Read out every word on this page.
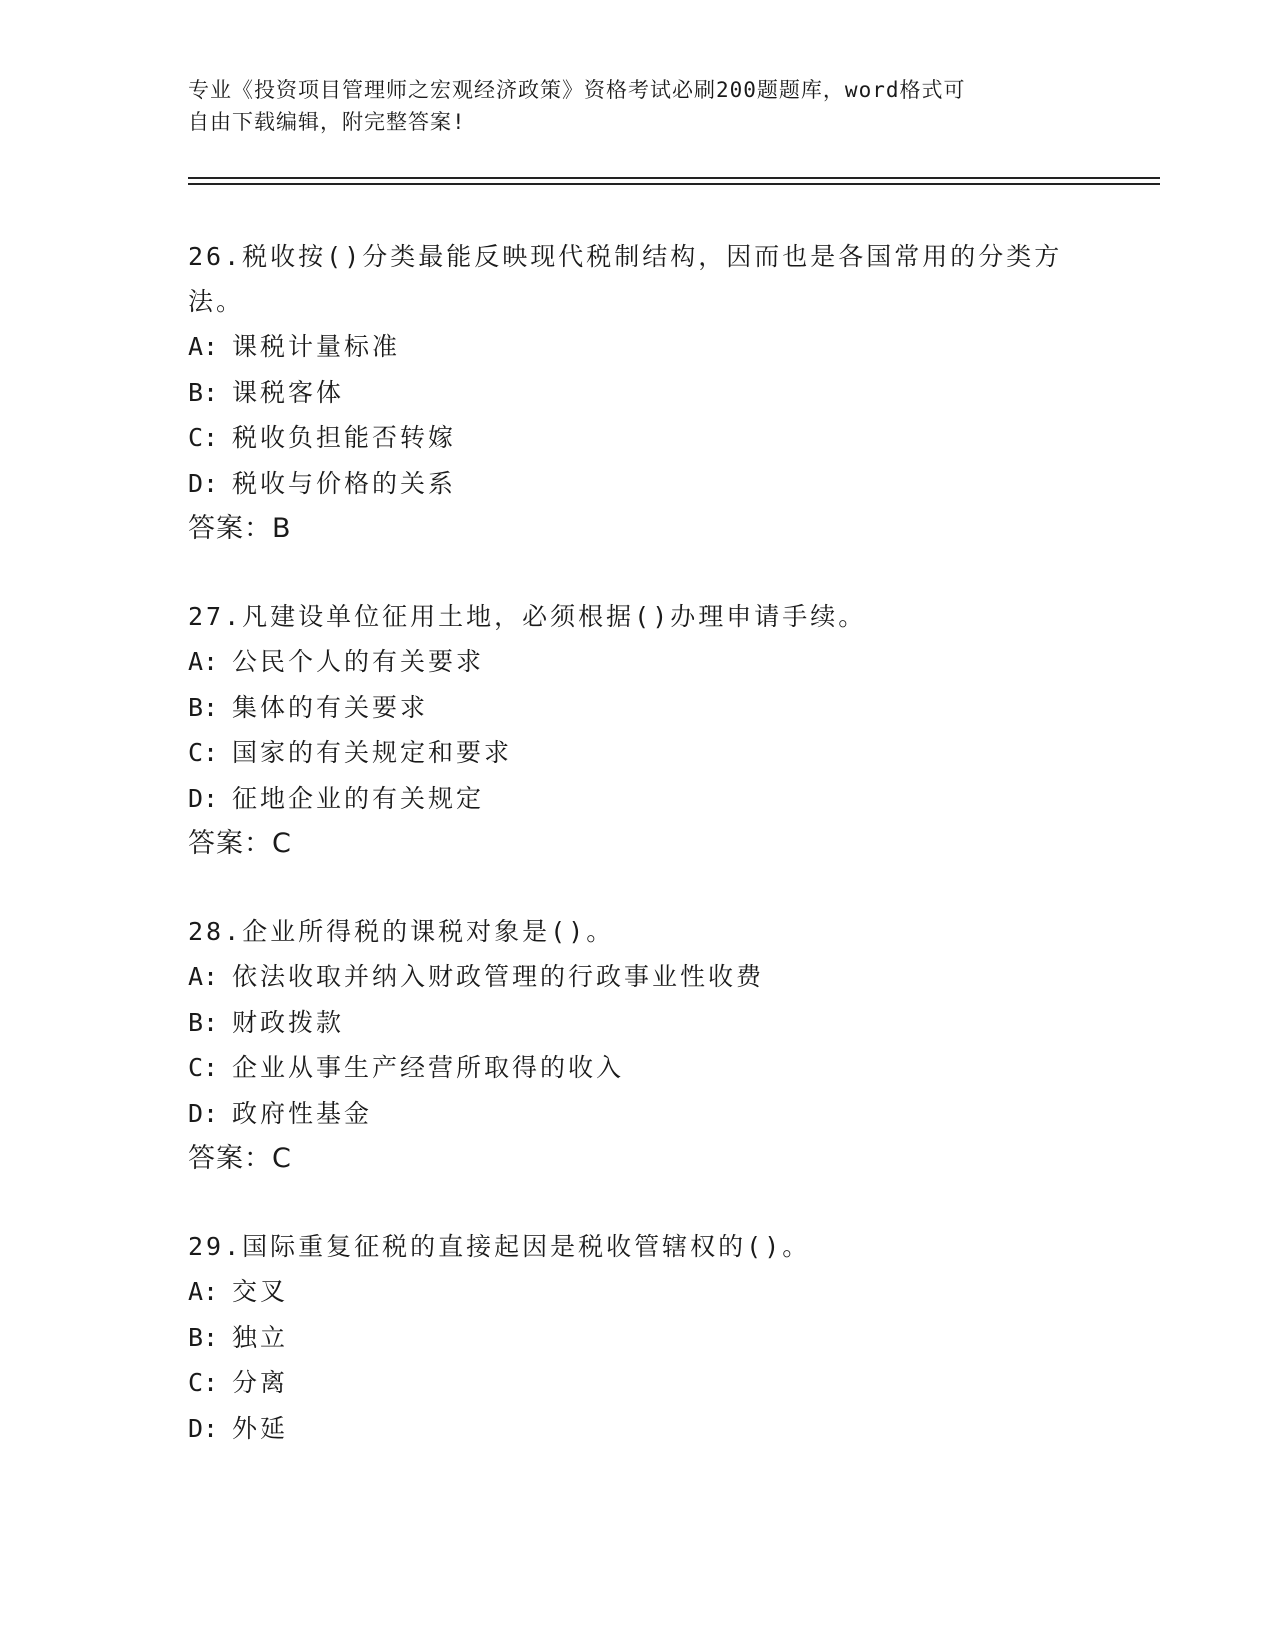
专业《投资项目管理师之宏观经济政策》资格考试必刷200题题库，word格式可
自由下载编辑，附完整答案!
26.税收按()分类最能反映现代税制结构，因而也是各国常用的分类方法。
A: 课税计量标准
B: 课税客体
C: 税收负担能否转嫁
D: 税收与价格的关系
答案：B
27.凡建设单位征用土地，必须根据()办理申请手续。
A: 公民个人的有关要求
B: 集体的有关要求
C: 国家的有关规定和要求
D: 征地企业的有关规定
答案：C
28.企业所得税的课税对象是()。
A: 依法收取并纳入财政管理的行政事业性收费
B: 财政拨款
C: 企业从事生产经营所取得的收入
D: 政府性基金
答案：C
29.国际重复征税的直接起因是税收管辖权的()。
A: 交叉
B: 独立
C: 分离
D: 外延
